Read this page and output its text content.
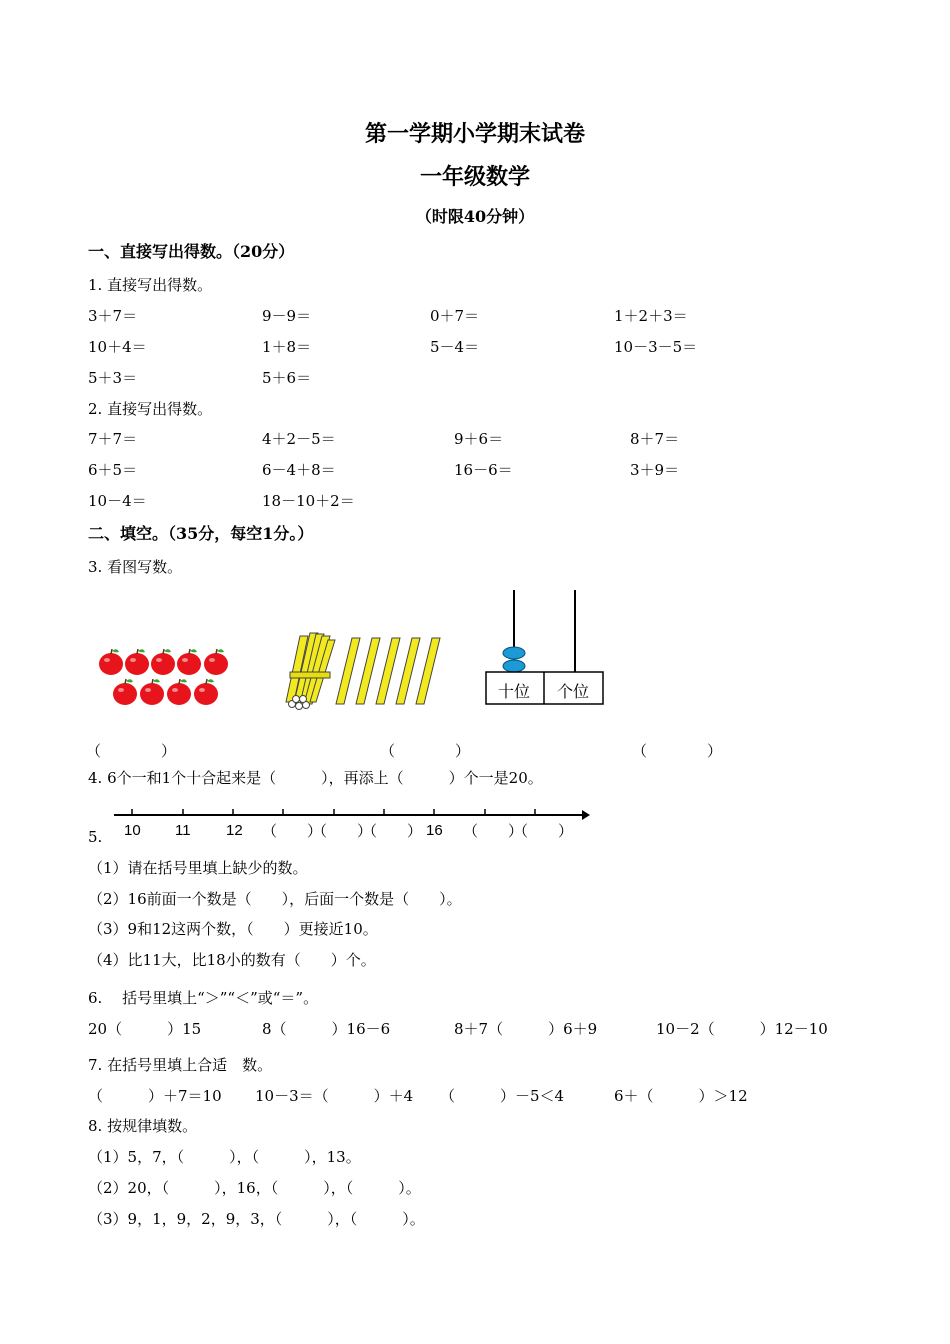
第一学期小学期末试卷
一年级数学
（时限40分钟）
一、直接写出得数。（20分）
1. 直接写出得数。
3＋7＝	9－9＝	0＋7＝	1＋2＋3＝
10＋4＝	1＋8＝	5－4＝	10－3－5＝
5＋3＝	5＋6＝
2. 直接写出得数。
7＋7＝	4＋2－5＝	9＋6＝	8＋7＝
6＋5＝	6－4＋8＝	16－6＝	3＋9＝
10－4＝	18－10＋2＝
二、填空。（35分，每空1分。）
3. 看图写数。
十位 个位
（　　　　）	（　　　　）	（　　　　）
4. 6个一和1个十合起来是（　　　），再添上（　　　）个一是20。
10 11 12 （　　）
（　　）
（　　） 16 （　　）
（　　）
5.
（1）请在括号里填上缺少的数。
（2）16前面一个数是（　　），后面一个数是（　　）。
（3）9和12这两个数，（　　）更接近10。
（4）比11大，比18小的数有（　　）个。
6.　 括号里填上“＞”“＜”或“＝”。
20（　　　）15	8（　　　）16－6	8＋7（　　　）6＋9	10－2（　　　）12－10
7. 在括号里填上合适　数。
（　　　）＋7＝10 10－3＝（　　　）＋4 （　　　）－5＜4	6＋（　　　）＞12
8. 按规律填数。
（1）5，7，（　　　），（　　　），13。
（2）20，（　　　），16，（　　　），（　　　）。
（3）9，1，9，2，9，3，（　　　），（　　　）。
